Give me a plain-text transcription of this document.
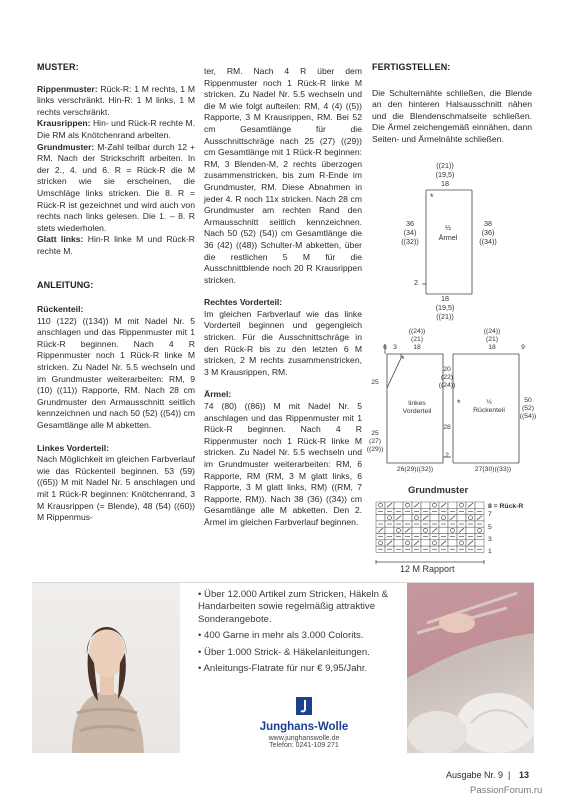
MUSTER:

Rippenmuster: Rück-R: 1 M rechts, 1 M links verschränkt. Hin-R: 1 M links, 1 M rechts verschränkt.

Krausrippen: Hin- und Rück-R rechte M. Die RM als Knötchenrand arbeiten.

Grundmuster: M-Zahl teilbar durch 12 + RM. Nach der Strickschrift arbeiten. In der 2., 4. und 6. R = Rück-R die M stricken wie sie erscheinen, die Umschläge links stricken. Die 8. R = Rück-R ist gezeichnet und wird auch von rechts nach links gelesen. Die 1. – 8. R stets wiederholen.

Glatt links: Hin-R linke M und Rück-R rechte M.

ANLEITUNG:

Rückenteil:

110 (122) ((134)) M mit Nadel Nr. 5 anschlagen und das Rippenmuster mit 1 Rück-R beginnen. Nach 4 R Rippenmuster noch 1 Rück-R linke M stricken. Zu Nadel Nr. 5.5 wechseln und im Grundmuster weiterarbeiten: RM, 9 (10) ((11)) Rapporte, RM. Nach 28 cm Grundmuster den Armausschnitt seitlich kennzeichnen und nach 50 (52) ((54)) cm Gesamtlänge alle M abketten.

Linkes Vorderteil:

Nach Möglichkeit im gleichen Farbverlauf wie das Rückenteil beginnen. 53 (59) ((65)) M mit Nadel Nr. 5 anschlagen und mit 1 Rück-R beginnen: Knötchenrand, 3 M Krausrippen (= Blende), 48 (54) ((60)) M Rippenmus-

ter, RM. Nach 4 R über dem Rippenmuster noch 1 Rück-R linke M stricken. Zu Nadel Nr. 5.5 wechseln und die M wie folgt aufteilen: RM, 4 (4) ((5)) Rapporte, 3 M Krausrippen, RM. Bei 52 cm Gesamtlänge für die Ausschnittschräge nach 25 (27) ((29)) cm Gesamtlänge mit 1 Rück-R beginnen: RM, 3 Blenden-M, 2 rechts überzogen zusammenstricken, bis zum R-Ende im Grundmuster, RM. Diese Abnahmen in jeder 4. R noch 11x stricken. Nach 28 cm Grundmuster am rechten Rand den Armausschnitt seitlich kennzeichnen. Nach 50 (52) (54)) cm Gesamtlänge die 36 (42) ((48)) Schulter-M abketten, über die restlichen 5 M für die Ausschnittblende noch 20 R Krausrippen stricken.

Rechtes Vorderteil:

Im gleichen Farbverlauf wie das linke Vorderteil beginnen und gegengleich stricken. Für die Ausschnittschräge in den Rück-R bis zu den letzten 6 M stricken, 2 M rechts zusammenstricken, 3 M Krausrippen, RM.

Ärmel:

74 (80) ((86)) M mit Nadel Nr. 5 anschlagen und das Rippenmuster mit 1 Rück-R beginnen. Nach 4 R Rippenmuster noch 1 Rück-R linke M stricken. Zu Nadel Nr. 5.5 wechseln und im Grundmuster weiterarbeiten: RM, 6 Rapporte, RM (RM, 3 M glatt links, 6 Rapporte, 3 M glatt links, RM) ((RM, 7 Rapporte, RM)). Nach 38 (36) ((34)) cm Gesamtlänge alle M abketten. Den 2. Ärmel im gleichen Farbverlauf beginnen.

FERTIGSTELLEN:

Die Schulternähte schließen, die Blende an den hinteren Halsausschnitt nähen und die Blendenschmalseite schließen. Die Ärmel zeichengemäß einnähen, dann Seiten- und Ärmelnähte schließen.

((21))
(19,5)
18
36
(34)
((32))
38
(36)
((34))
½
Ärmel
2
18
(19,5)
((21))
*
((24))
(21)
18
6 3
((24))
(21)
18	9
25
25
(27)
((29))
20
(22)
((24))
28
50
(52)
((54))
linkes
Vorderteil
½
Rückenteil
26(29)((32))	27(30)((33))
2
*
*
Grundmuster
8 = Rück-R
7
5
3
1
12 M Rapport
• Über 12.000 Artikel zum Stricken, Häkeln & Handarbeiten sowie regelmäßig attraktive Sonderangebote.
• 400 Garne in mehr als 3.000 Colorits.
• Über 1.000 Strick- & Häkelanleitungen.
• Anleitungs-Flatrate für nur € 9,95/Jahr.
Junghans-Wolle
www.junghanswolle.de
Telefon: 0241-109 271
Ausgabe Nr. 9 | 13
PassionForum.ru
